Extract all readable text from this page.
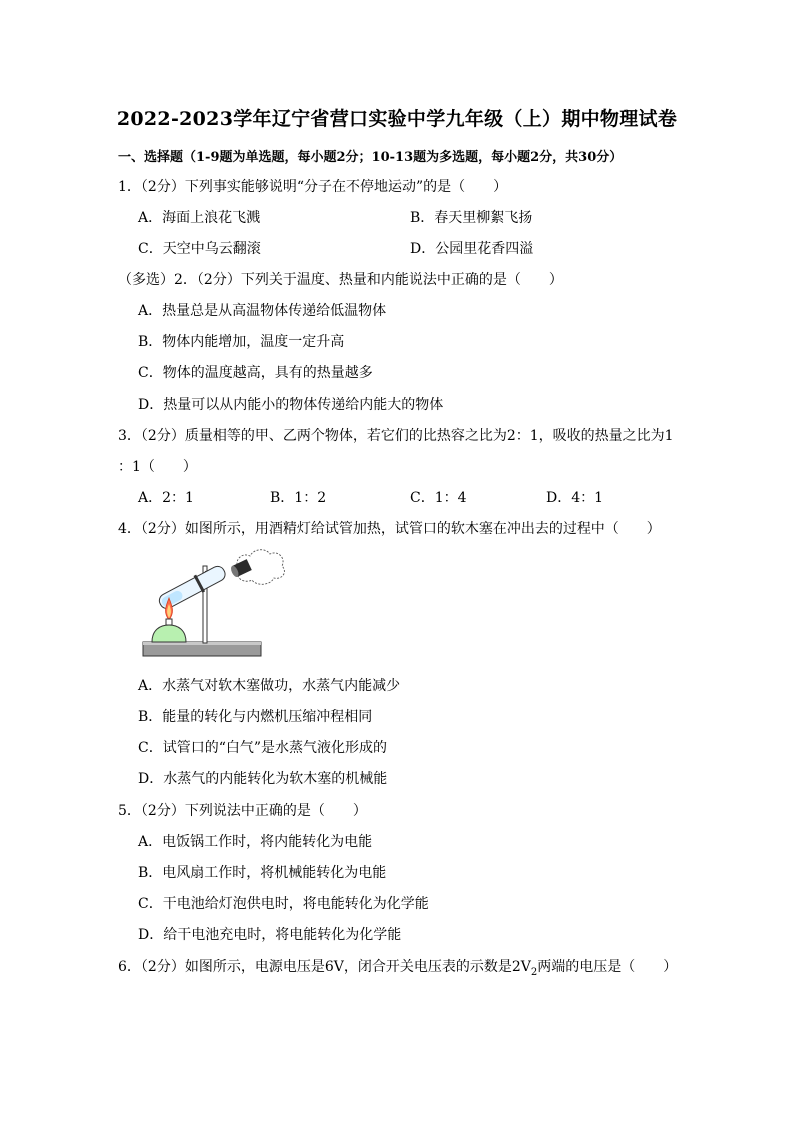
2022-2023学年辽宁省营口实验中学九年级（上）期中物理试卷
一、选择题（1-9题为单选题，每小题2分；10-13题为多选题，每小题2分，共30分）
1．（2分）下列事实能够说明“分子在不停地运动”的是（　　）
A．海面上浪花飞溅	B．春天里柳絮飞扬
C．天空中乌云翻滚	D．公园里花香四溢
（多选）2．（2分）下列关于温度、热量和内能说法中正确的是（　　）
A．热量总是从高温物体传递给低温物体
B．物体内能增加，温度一定升高
C．物体的温度越高，具有的热量越多
D．热量可以从内能小的物体传递给内能大的物体
3．（2分）质量相等的甲、乙两个物体，若它们的比热容之比为2：1，吸收的热量之比为1
：1（　　）
A．2：1	B．1：2	C．1：4	D．4：1
4．（2分）如图所示，用酒精灯给试管加热，试管口的软木塞在冲出去的过程中（　　）
A．水蒸气对软木塞做功，水蒸气内能减少
B．能量的转化与内燃机压缩冲程相同
C．试管口的“白气”是水蒸气液化形成的
D．水蒸气的内能转化为软木塞的机械能
5．（2分）下列说法中正确的是（　　）
A．电饭锅工作时，将内能转化为电能
B．电风扇工作时，将机械能转化为电能
C．干电池给灯泡供电时，将电能转化为化学能
D．给干电池充电时，将电能转化为化学能
6．（2分）如图所示，电源电压是6V，闭合开关电压表的示数是$2V_2$两端的电压是（　　）
